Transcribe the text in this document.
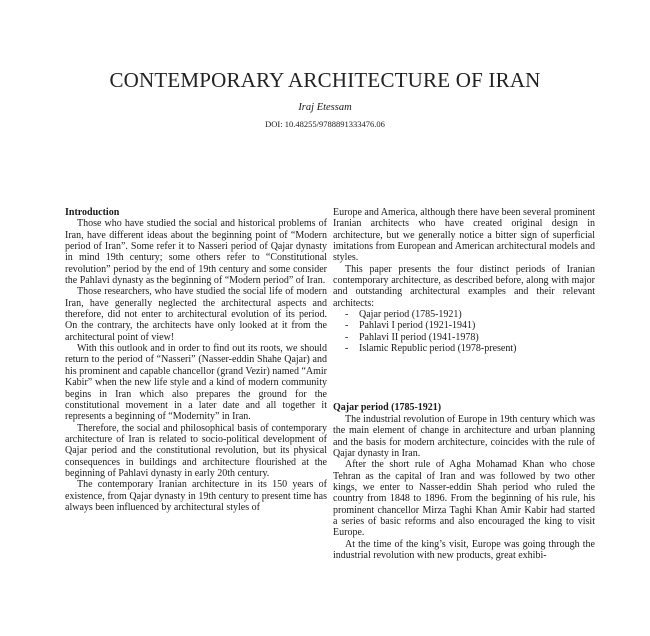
CONTEMPORARY ARCHITECTURE OF IRAN
Iraj Etessam
DOI: 10.48255/9788891333476.06
Introduction

Those who have studied the social and historical problems of Iran, have different ideas about the beginning point of “Modern period of Iran”. Some refer it to Nasseri period of Qajar dynasty in mind 19th century; some others refer to “Constitutional revolution” period by the end of 19th century and some consider the Pahlavi dynasty as the beginning of “Modern period” of Iran.

Those researchers, who have studied the social life of modern Iran, have generally neglected the architectural aspects and therefore, did not enter to architectural evolution of its period. On the contrary, the architects have only looked at it from the architectural point of view!

With this outlook and in order to find out its roots, we should return to the period of “Nasseri” (Nasser-eddin Shahe Qajar) and his prominent and capable chancellor (grand Vezir) named “Amir Kabir” when the new life style and a kind of modern community begins in Iran which also prepares the ground for the constitutional movement in a later date and all together it represents a beginning of “Modernity” in Iran.

Therefore, the social and philosophical basis of contemporary architecture of Iran is related to socio-political development of Qajar period and the constitutional revolution, but its physical consequences in buildings and architecture flourished at the beginning of Pahlavi dynasty in early 20th century.

The contemporary Iranian architecture in its 150 years of existence, from Qajar dynasty in 19th century to present time has always been influenced by architectural styles of

Europe and America, although there have been several prominent Iranian architects who have created original design in architecture, but we generally notice a bitter sign of superficial imitations from European and American architectural models and styles.

This paper presents the four distinct periods of Iranian contemporary architecture, as described before, along with major and outstanding architectural examples and their relevant architects:

- Qajar period (1785-1921)
- Pahlavi I period (1921-1941)
- Pahlavi II period (1941-1978)
- Islamic Republic period (1978-present)
Qajar period (1785-1921)

The industrial revolution of Europe in 19th century which was the main element of change in architecture and urban planning and the basis for modern architecture, coincides with the rule of Qajar dynasty in Iran.

After the short rule of Agha Mohamad Khan who chose Tehran as the capital of Iran and was followed by two other kings, we enter to Nasser-eddin Shah period who ruled the country from 1848 to 1896. From the beginning of his rule, his prominent chancellor Mirza Taghi Khan Amir Kabir had started a series of basic reforms and also encouraged the king to visit Europe.

At the time of the king’s visit, Europe was going through the industrial revolution with new products, great exhibi-
